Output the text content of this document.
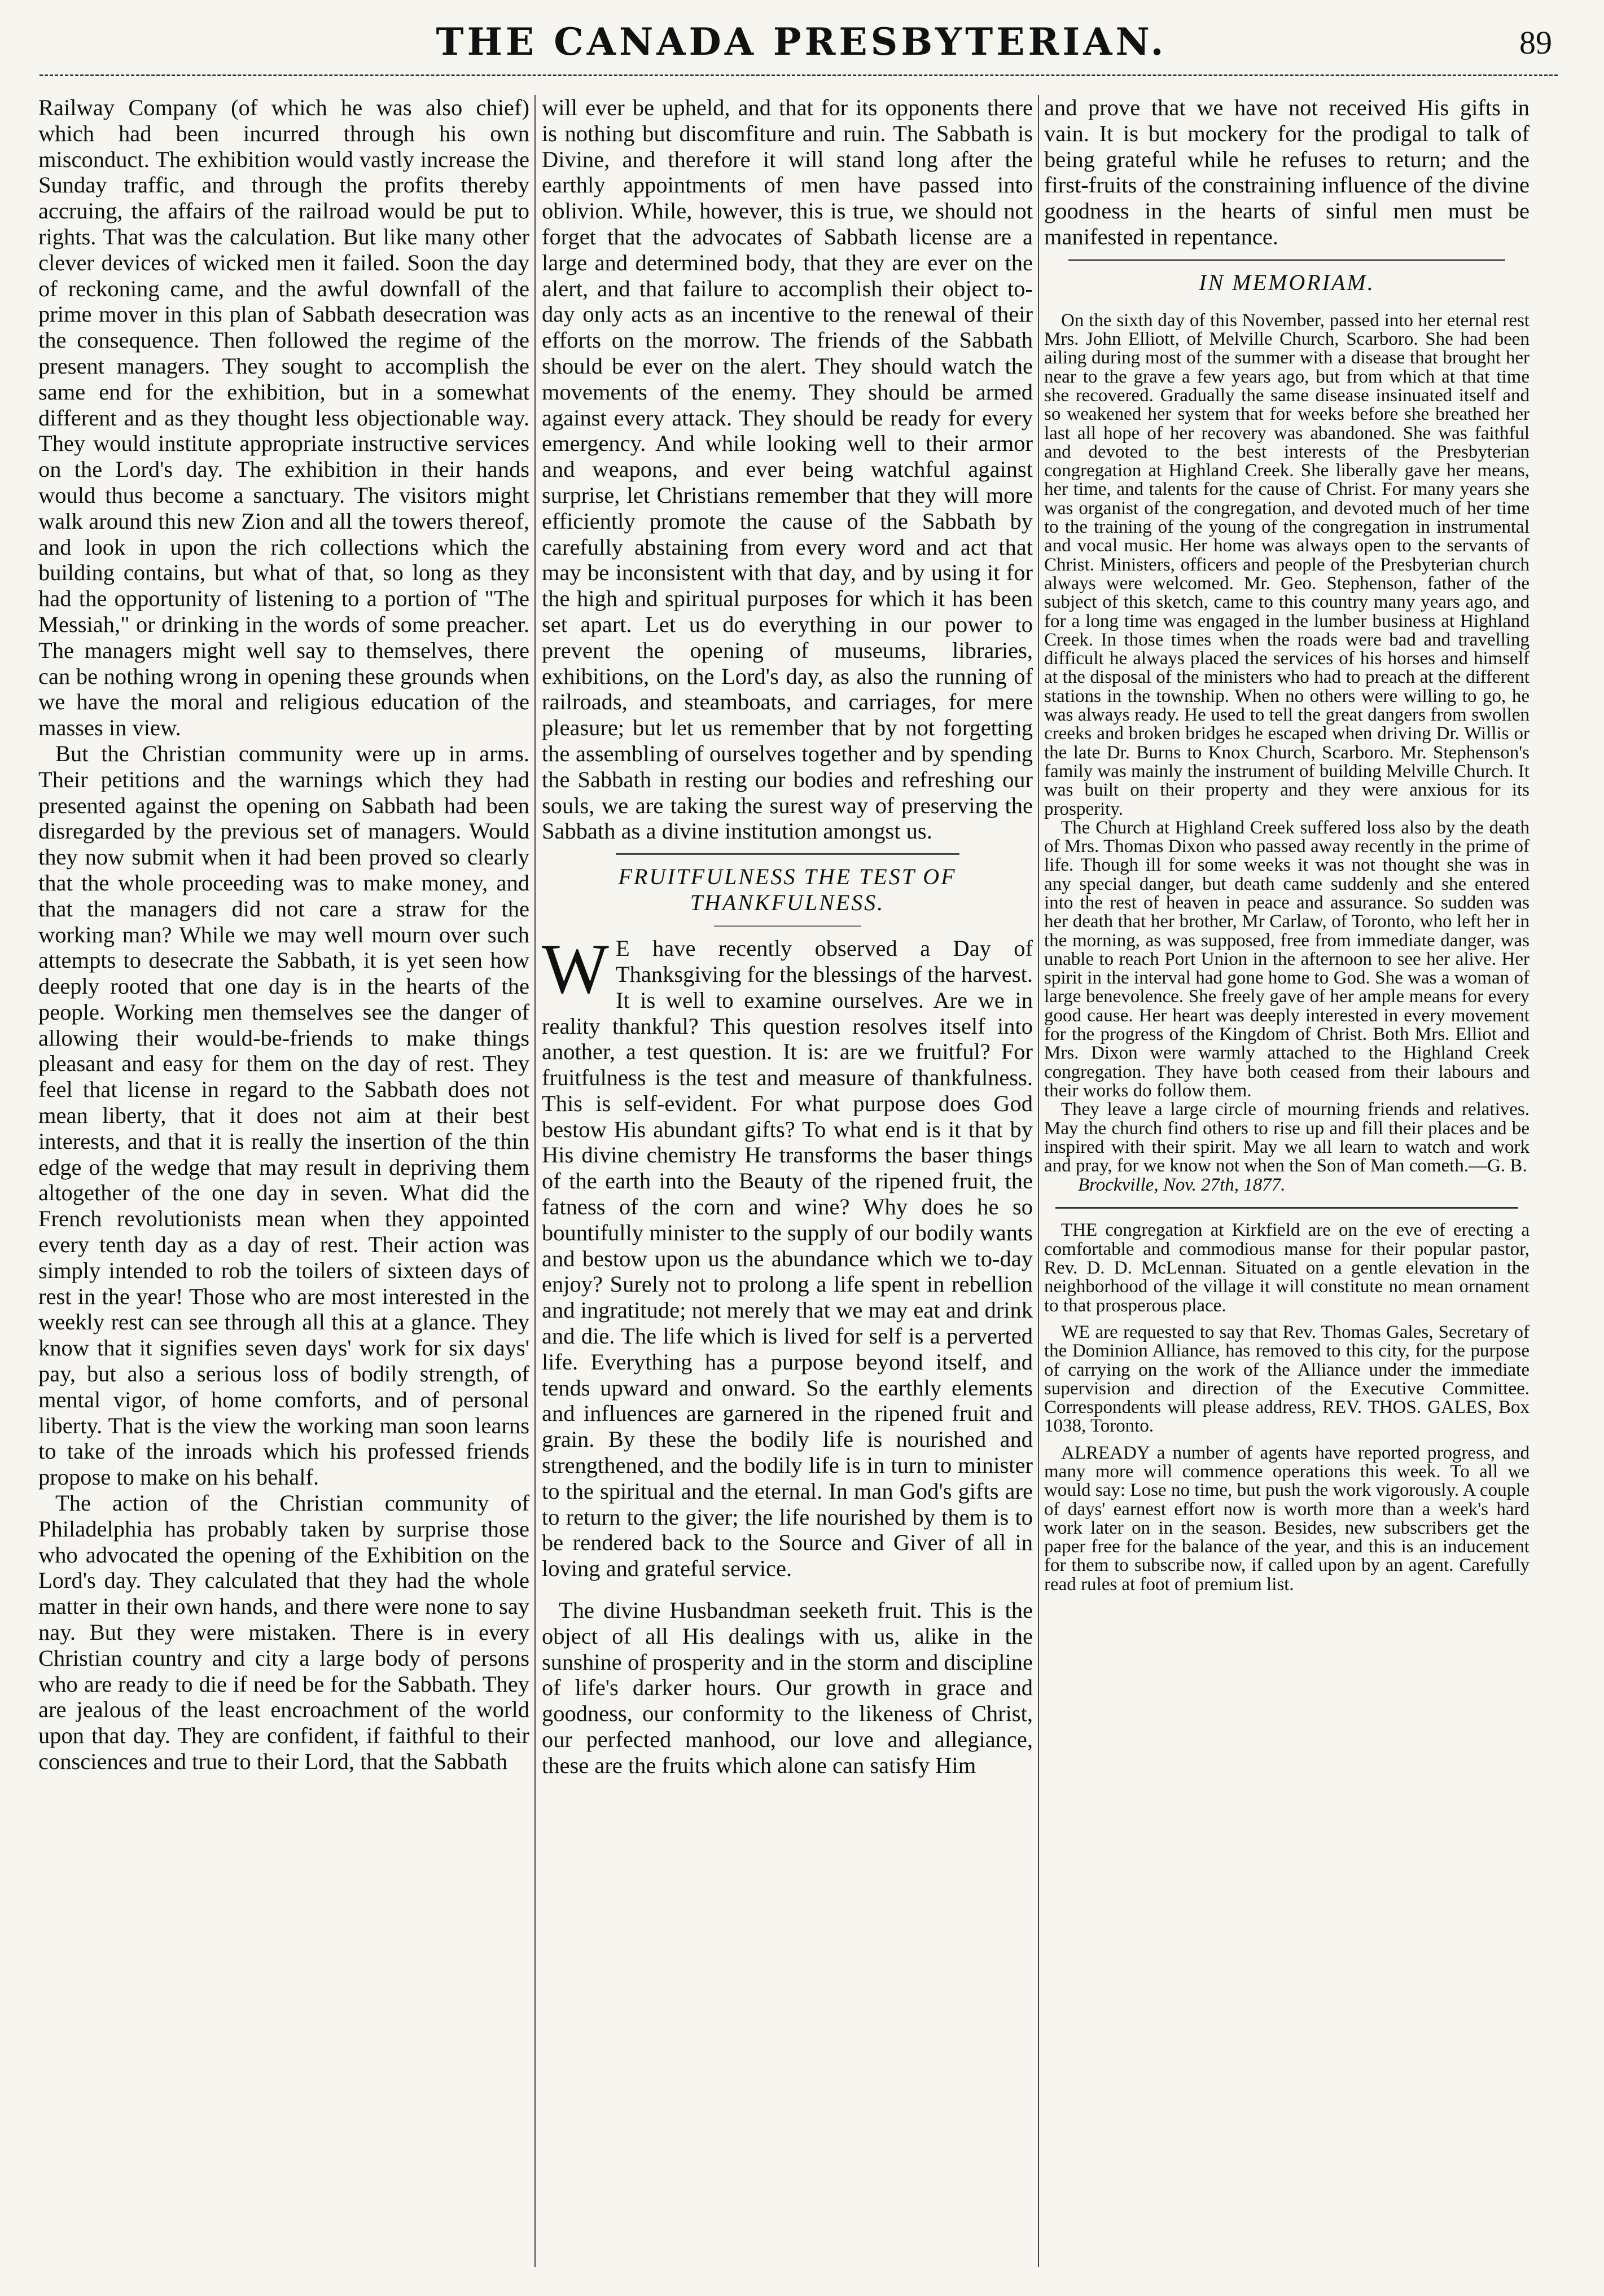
THE CANADA PRESBYTERIAN.	89

Railway Company (of which he was also chief) which had been incurred through his own misconduct. The exhibition would vastly increase the Sunday traffic, and through the profits thereby accruing, the affairs of the railroad would be put to rights. That was the calculation. But like many other clever devices of wicked men it failed. Soon the day of reckoning came, and the awful downfall of the prime mover in this plan of Sabbath desecration was the consequence. Then followed the regime of the present managers. They sought to accomplish the same end for the exhibition, but in a somewhat different and as they thought less objectionable way. They would institute appropriate instructive services on the Lord's day. The exhibition in their hands would thus become a sanctuary. The visitors might walk around this new Zion and all the towers thereof, and look in upon the rich collections which the building contains, but what of that, so long as they had the opportunity of listening to a portion of "The Messiah," or drinking in the words of some preacher. The managers might well say to themselves, there can be nothing wrong in opening these grounds when we have the moral and religious education of the masses in view.

But the Christian community were up in arms. Their petitions and the warnings which they had presented against the opening on Sabbath had been disregarded by the previous set of managers. Would they now submit when it had been proved so clearly that the whole proceeding was to make money, and that the managers did not care a straw for the working man? While we may well mourn over such attempts to desecrate the Sabbath, it is yet seen how deeply rooted that one day is in the hearts of the people. Working men themselves see the danger of allowing their would-be-friends to make things pleasant and easy for them on the day of rest. They feel that license in regard to the Sabbath does not mean liberty, that it does not aim at their best interests, and that it is really the insertion of the thin edge of the wedge that may result in depriving them altogether of the one day in seven. What did the French revolutionists mean when they appointed every tenth day as a day of rest. Their action was simply intended to rob the toilers of sixteen days of rest in the year! Those who are most interested in the weekly rest can see through all this at a glance. They know that it signifies seven days' work for six days' pay, but also a serious loss of bodily strength, of mental vigor, of home comforts, and of personal liberty. That is the view the working man soon learns to take of the inroads which his professed friends propose to make on his behalf.

The action of the Christian community of Philadelphia has probably taken by surprise those who advocated the opening of the Exhibition on the Lord's day. They calculated that they had the whole matter in their own hands, and there were none to say nay. But they were mistaken. There is in every Christian country and city a large body of persons who are ready to die if need be for the Sabbath. They are jealous of the least encroachment of the world upon that day. They are confident, if faithful to their consciences and true to their Lord, that the Sabbath

will ever be upheld, and that for its opponents there is nothing but discomfiture and ruin. The Sabbath is Divine, and therefore it will stand long after the earthly appointments of men have passed into oblivion. While, however, this is true, we should not forget that the advocates of Sabbath license are a large and determined body, that they are ever on the alert, and that failure to accomplish their object to-day only acts as an incentive to the renewal of their efforts on the morrow. The friends of the Sabbath should be ever on the alert. They should watch the movements of the enemy. They should be armed against every attack. They should be ready for every emergency. And while looking well to their armor and weapons, and ever being watchful against surprise, let Christians remember that they will more efficiently promote the cause of the Sabbath by carefully abstaining from every word and act that may be inconsistent with that day, and by using it for the high and spiritual purposes for which it has been set apart. Let us do everything in our power to prevent the opening of museums, libraries, exhibitions, on the Lord's day, as also the running of railroads, and steamboats, and carriages, for mere pleasure; but let us remember that by not forgetting the assembling of ourselves together and by spending the Sabbath in resting our bodies and refreshing our souls, we are taking the surest way of preserving the Sabbath as a divine institution amongst us.

FRUITFULNESS THE TEST OF THANKFULNESS.

W E have recently observed a Day of Thanksgiving for the blessings of the harvest. It is well to examine ourselves. Are we in reality thankful? This question resolves itself into another, a test question. It is: are we fruitful? For fruitfulness is the test and measure of thankfulness. This is self-evident. For what purpose does God bestow His abundant gifts? To what end is it that by His divine chemistry He transforms the baser things of the earth into the Beauty of the ripened fruit, the fatness of the corn and wine? Why does he so bountifully minister to the supply of our bodily wants and bestow upon us the abundance which we to-day enjoy? Surely not to prolong a life spent in rebellion and ingratitude; not merely that we may eat and drink and die. The life which is lived for self is a perverted life. Everything has a purpose beyond itself, and tends upward and onward. So the earthly elements and influences are garnered in the ripened fruit and grain. By these the bodily life is nourished and strengthened, and the bodily life is in turn to minister to the spiritual and the eternal. In man God's gifts are to return to the giver; the life nourished by them is to be rendered back to the Source and Giver of all in loving and grateful service.

The divine Husbandman seeketh fruit. This is the object of all His dealings with us, alike in the sunshine of prosperity and in the storm and discipline of life's darker hours. Our growth in grace and goodness, our conformity to the likeness of Christ, our perfected manhood, our love and allegiance, these are the fruits which alone can satisfy Him

and prove that we have not received His gifts in vain. It is but mockery for the prodigal to talk of being grateful while he refuses to return; and the first-fruits of the constraining influence of the divine goodness in the hearts of sinful men must be manifested in repentance.

IN MEMORIAM.

On the sixth day of this November, passed into her eternal rest Mrs. John Elliott, of Melville Church, Scarboro. She had been ailing during most of the summer with a disease that brought her near to the grave a few years ago, but from which at that time she recovered. Gradually the same disease insinuated itself and so weakened her system that for weeks before she breathed her last all hope of her recovery was abandoned. She was faithful and devoted to the best interests of the Presbyterian congregation at Highland Creek. She liberally gave her means, her time, and talents for the cause of Christ. For many years she was organist of the congregation, and devoted much of her time to the training of the young of the congregation in instrumental and vocal music. Her home was always open to the servants of Christ. Ministers, officers and people of the Presbyterian church always were welcomed. Mr. Geo. Stephenson, father of the subject of this sketch, came to this country many years ago, and for a long time was engaged in the lumber business at Highland Creek. In those times when the roads were bad and travelling difficult he always placed the services of his horses and himself at the disposal of the ministers who had to preach at the different stations in the township. When no others were willing to go, he was always ready. He used to tell the great dangers from swollen creeks and broken bridges he escaped when driving Dr. Willis or the late Dr. Burns to Knox Church, Scarboro. Mr. Stephenson's family was mainly the instrument of building Melville Church. It was built on their property and they were anxious for its prosperity.

The Church at Highland Creek suffered loss also by the death of Mrs. Thomas Dixon who passed away recently in the prime of life. Though ill for some weeks it was not thought she was in any special danger, but death came suddenly and she entered into the rest of heaven in peace and assurance. So sudden was her death that her brother, Mr Carlaw, of Toronto, who left her in the morning, as was supposed, free from immediate danger, was unable to reach Port Union in the afternoon to see her alive. Her spirit in the interval had gone home to God. She was a woman of large benevolence. She freely gave of her ample means for every good cause. Her heart was deeply interested in every movement for the progress of the Kingdom of Christ. Both Mrs. Elliot and Mrs. Dixon were warmly attached to the Highland Creek congregation. They have both ceased from their labours and their works do follow them.

They leave a large circle of mourning friends and relatives. May the church find others to rise up and fill their places and be inspired with their spirit. May we all learn to watch and work and pray, for we know not when the Son of Man cometh.—G. B.

Brockville, Nov. 27th, 1877.

THE congregation at Kirkfield are on the eve of erecting a comfortable and commodious manse for their popular pastor, Rev. D. D. McLennan. Situated on a gentle elevation in the neighborhood of the village it will constitute no mean ornament to that prosperous place.

WE are requested to say that Rev. Thomas Gales, Secretary of the Dominion Alliance, has removed to this city, for the purpose of carrying on the work of the Alliance under the immediate supervision and direction of the Executive Committee. Correspondents will please address, REV. THOS. GALES, Box 1038, Toronto.

ALREADY a number of agents have reported progress, and many more will commence operations this week. To all we would say: Lose no time, but push the work vigorously. A couple of days' earnest effort now is worth more than a week's hard work later on in the season. Besides, new subscribers get the paper free for the balance of the year, and this is an inducement for them to subscribe now, if called upon by an agent. Carefully read rules at foot of premium list.
